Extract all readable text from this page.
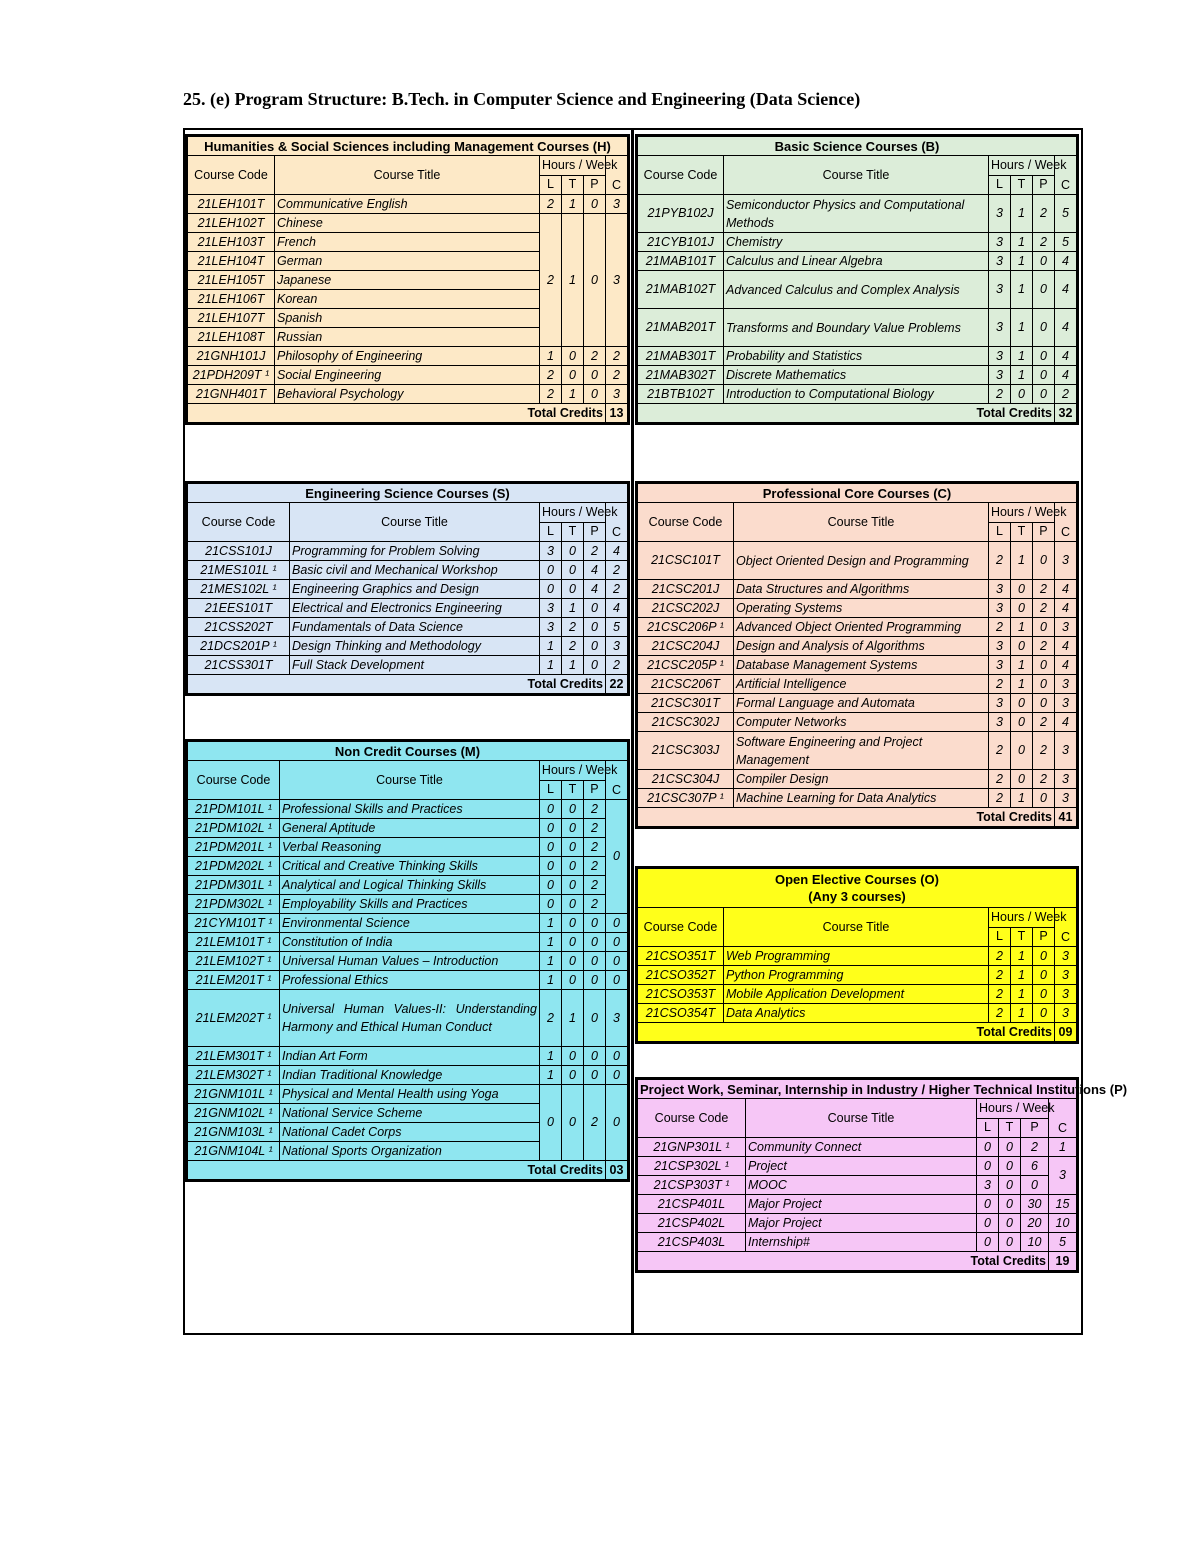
25. (e) Program Structure: B.Tech. in Computer Science and Engineering (Data Science)
Humanities & Social Sciences including Management Courses (H)					
Course Code	Course Title	Hours / Week			C
		L	T	P	
21LEH101T	Communicative English	2	1	0	3
21LEH102T	Chinese	2	1	0	3
21LEH103T	French				
21LEH104T	German				
21LEH105T	Japanese				
21LEH106T	Korean				
21LEH107T	Spanish				
21LEH108T	Russian				
21GNH101J	Philosophy of Engineering	1	0	2	2
21PDH209T ¹	Social Engineering	2	0	0	2
21GNH401T	Behavioral Psychology	2	1	0	3
Total Credits					13
Basic Science Courses (B)					
Course Code	Course Title	Hours / Week			C
		L	T	P	
21PYB102J	Semiconductor Physics and Computational Methods	3	1	2	5
21CYB101J	Chemistry	3	1	2	5
21MAB101T	Calculus and Linear Algebra	3	1	0	4
21MAB102T	Advanced Calculus and Complex Analysis	3	1	0	4
21MAB201T	Transforms and Boundary Value Problems	3	1	0	4
21MAB301T	Probability and Statistics	3	1	0	4
21MAB302T	Discrete Mathematics	3	1	0	4
21BTB102T	Introduction to Computational Biology	2	0	0	2
Total Credits					32
Engineering Science Courses (S)					
Course Code	Course Title	Hours / Week			C
		L	T	P	
21CSS101J	Programming for Problem Solving	3	0	2	4
21MES101L ¹	Basic civil and Mechanical Workshop	0	0	4	2
21MES102L ¹	Engineering Graphics and Design	0	0	4	2
21EES101T	Electrical and Electronics Engineering	3	1	0	4
21CSS202T	Fundamentals of Data Science	3	2	0	5
21DCS201P ¹	Design Thinking and Methodology	1	2	0	3
21CSS301T	Full Stack Development	1	1	0	2
Total Credits					22
Professional Core Courses (C)					
Course Code	Course Title	Hours / Week			C
		L	T	P	
21CSC101T	Object Oriented Design and Programming	2	1	0	3
21CSC201J	Data Structures and Algorithms	3	0	2	4
21CSC202J	Operating Systems	3	0	2	4
21CSC206P ¹	Advanced Object Oriented Programming	2	1	0	3
21CSC204J	Design and Analysis of Algorithms	3	0	2	4
21CSC205P ¹	Database Management Systems	3	1	0	4
21CSC206T	Artificial Intelligence	2	1	0	3
21CSC301T	Formal Language and Automata	3	0	0	3
21CSC302J	Computer Networks	3	0	2	4
21CSC303J	Software Engineering and Project Management	2	0	2	3
21CSC304J	Compiler Design	2	0	2	3
21CSC307P ¹	Machine Learning for Data Analytics	2	1	0	3
Total Credits					41
Non Credit Courses (M)					
Course Code	Course Title	Hours / Week			C
		L	T	P	
21PDM101L ¹	Professional Skills and Practices	0	0	2	0
21PDM102L ¹	General Aptitude	0	0	2	
21PDM201L ¹	Verbal Reasoning	0	0	2	
21PDM202L ¹	Critical and Creative Thinking Skills	0	0	2	
21PDM301L ¹	Analytical and Logical Thinking Skills	0	0	2	
21PDM302L ¹	Employability Skills and Practices	0	0	2	
21CYM101T ¹	Environmental Science	1	0	0	0
21LEM101T ¹	Constitution of India	1	0	0	0
21LEM102T ¹	Universal Human Values – Introduction	1	0	0	0
21LEM201T ¹	Professional Ethics	1	0	0	0
21LEM202T ¹	Universal Human Values-II: Understanding Harmony and Ethical Human Conduct	2	1	0	3
21LEM301T ¹	Indian Art Form	1	0	0	0
21LEM302T ¹	Indian Traditional Knowledge	1	0	0	0
21GNM101L ¹	Physical and Mental Health using Yoga	0	0	2	0
21GNM102L ¹	National Service Scheme				
21GNM103L ¹	National Cadet Corps				
21GNM104L ¹	National Sports Organization				
Total Credits					03
Open Elective Courses (O)
(Any 3 courses)					

Course Code	Course Title	Hours / Week			C
		L	T	P	
21CSO351T	Web Programming	2	1	0	3
21CSO352T	Python Programming	2	1	0	3
21CSO353T	Mobile Application Development	2	1	0	3
21CSO354T	Data Analytics	2	1	0	3
Total Credits					09
Project Work, Seminar, Internship in Industry / Higher Technical Institutions (P)					
Course Code	Course Title	Hours / Week			C
		L	T	P	
21GNP301L ¹	Community Connect	0	0	2	1
21CSP302L ¹	Project	0	0	6	3
21CSP303T ¹	MOOC	3	0	0	
21CSP401L	Major Project	0	0	30	15
21CSP402L	Major Project	0	0	20	10
21CSP403L	Internship#	0	0	10	5
Total Credits					19
